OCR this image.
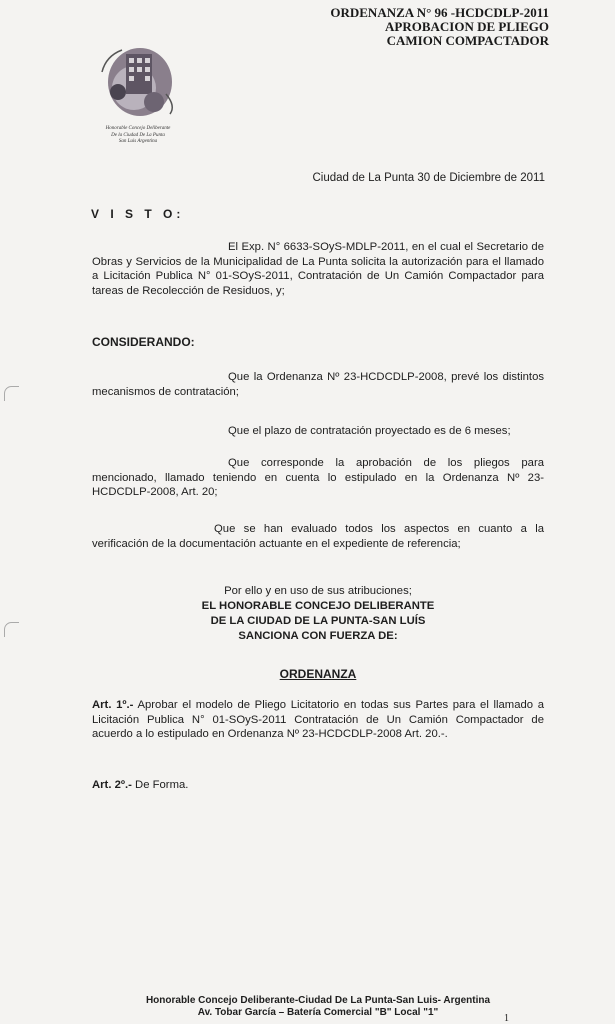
ORDENANZA N° 96 -HCDCDLP-2011
APROBACION DE PLIEGO
CAMION COMPACTADOR
Honorable Concejo Deliberante
De la Ciudad De La Punta
San Luis Argentina
Ciudad de La Punta 30 de Diciembre de 2011
V I S T O:
El Exp. N° 6633-SOyS-MDLP-2011, en el cual el Secretario de Obras y Servicios de la Municipalidad de La Punta solicita la autorización para el llamado a Licitación Publica N° 01-SOyS-2011, Contratación de Un Camión Compactador para tareas de Recolección de Residuos, y;
CONSIDERANDO:
Que la Ordenanza Nº 23-HCDCDLP-2008, prevé los distintos mecanismos de contratación;
Que el plazo de contratación proyectado es de 6 meses;
Que corresponde la aprobación de los pliegos para mencionado, llamado teniendo en cuenta lo estipulado en la Ordenanza Nº 23-HCDCDLP-2008, Art. 20;
Que se han evaluado todos los aspectos en cuanto a la verificación de la documentación actuante en el expediente de referencia;
Por ello y en uso de sus atribuciones;
EL HONORABLE CONCEJO DELIBERANTE
DE LA CIUDAD DE LA PUNTA-SAN LUÍS
SANCIONA CON FUERZA DE:
ORDENANZA
Art. 1º.- Aprobar el modelo de Pliego Licitatorio en todas sus Partes para el llamado a Licitación Publica N° 01-SOyS-2011 Contratación de Un Camión Compactador de acuerdo a lo estipulado en Ordenanza Nº 23-HCDCDLP-2008 Art. 20.-.
Art. 2º.- De Forma.
Honorable Concejo Deliberante-Ciudad De La Punta-San Luis- Argentina
Av. Tobar García – Batería Comercial "B" Local "1"
1
